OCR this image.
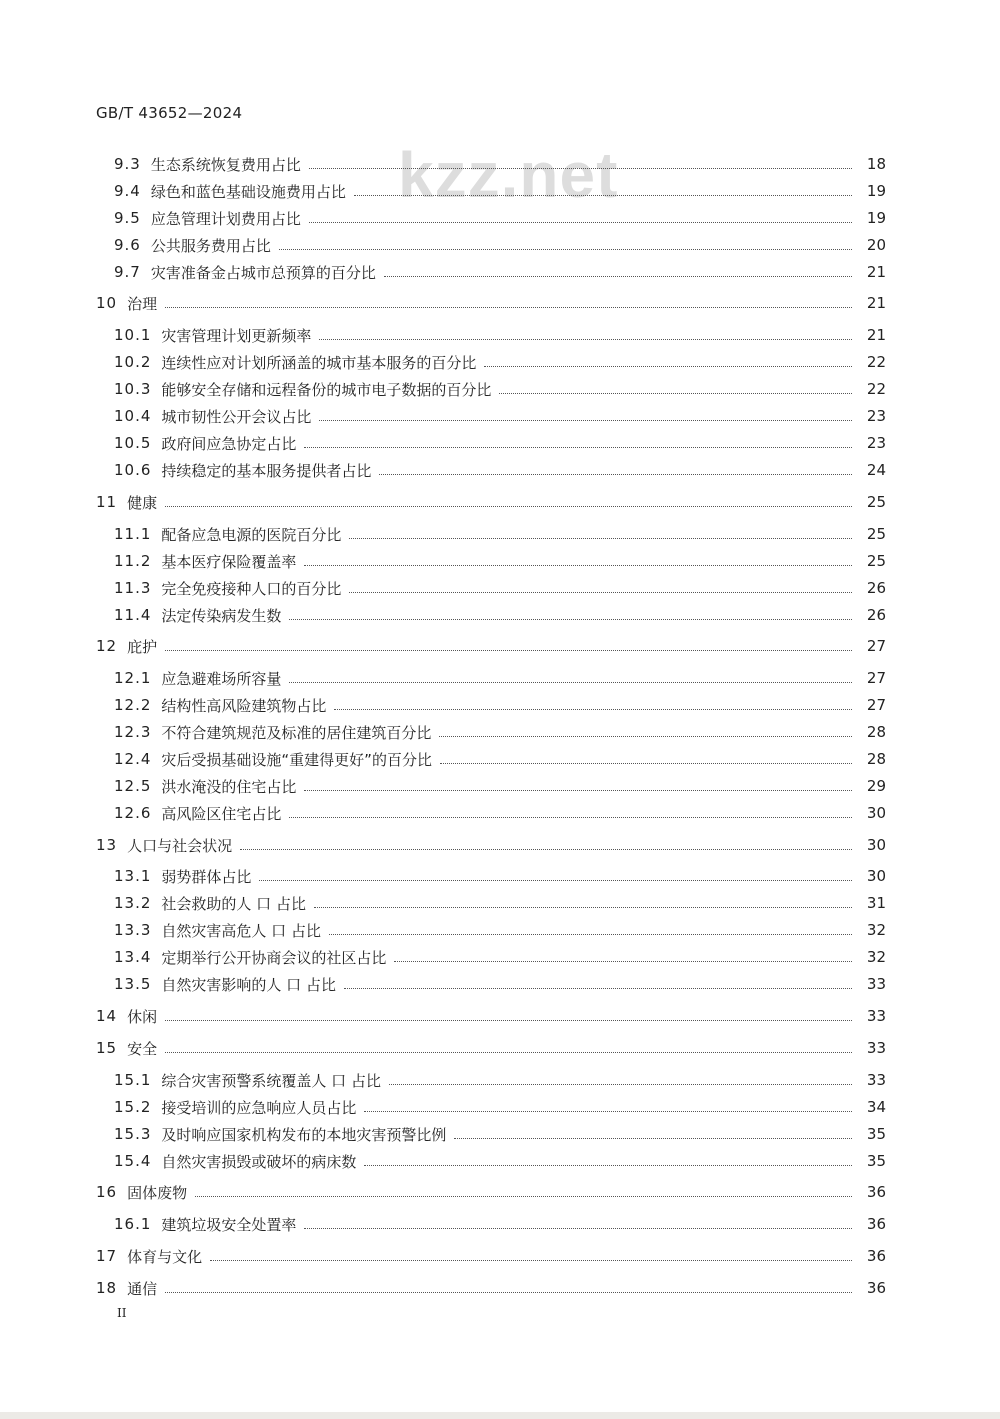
GB/T 43652—2024
kzz.net
9.3 生态系统恢复费用占比	18
9.4 绿色和蓝色基础设施费用占比	19
9.5 应急管理计划费用占比	19
9.6 公共服务费用占比	20
9.7 灾害准备金占城市总预算的百分比	21
10 治理	21
10.1 灾害管理计划更新频率	21
10.2 连续性应对计划所涵盖的城市基本服务的百分比	22
10.3 能够安全存储和远程备份的城市电子数据的百分比	22
10.4 城市韧性公开会议占比	23
10.5 政府间应急协定占比	23
10.6 持续稳定的基本服务提供者占比	24
11 健康	25
11.1 配备应急电源的医院百分比	25
11.2 基本医疗保险覆盖率	25
11.3 完全免疫接种人口的百分比	26
11.4 法定传染病发生数	26
12 庇护	27
12.1 应急避难场所容量	27
12.2 结构性高风险建筑物占比	27
12.3 不符合建筑规范及标准的居住建筑百分比	28
12.4 灾后受损基础设施“重建得更好”的百分比	28
12.5 洪水淹没的住宅占比	29
12.6 高风险区住宅占比	30
13 人口与社会状况	30
13.1 弱势群体占比	30
13.2 社会救助的人 口 占比	31
13.3 自然灾害高危人 口 占比	32
13.4 定期举行公开协商会议的社区占比	32
13.5 自然灾害影响的人 口 占比	33
14 休闲	33
15 安全	33
15.1 综合灾害预警系统覆盖人 口 占比	33
15.2 接受培训的应急响应人员占比	34
15.3 及时响应国家机构发布的本地灾害预警比例	35
15.4 自然灾害损毁或破坏的病床数	35
16 固体废物	36
16.1 建筑垃圾安全处置率	36
17 体育与文化	36
18 通信	36
II
